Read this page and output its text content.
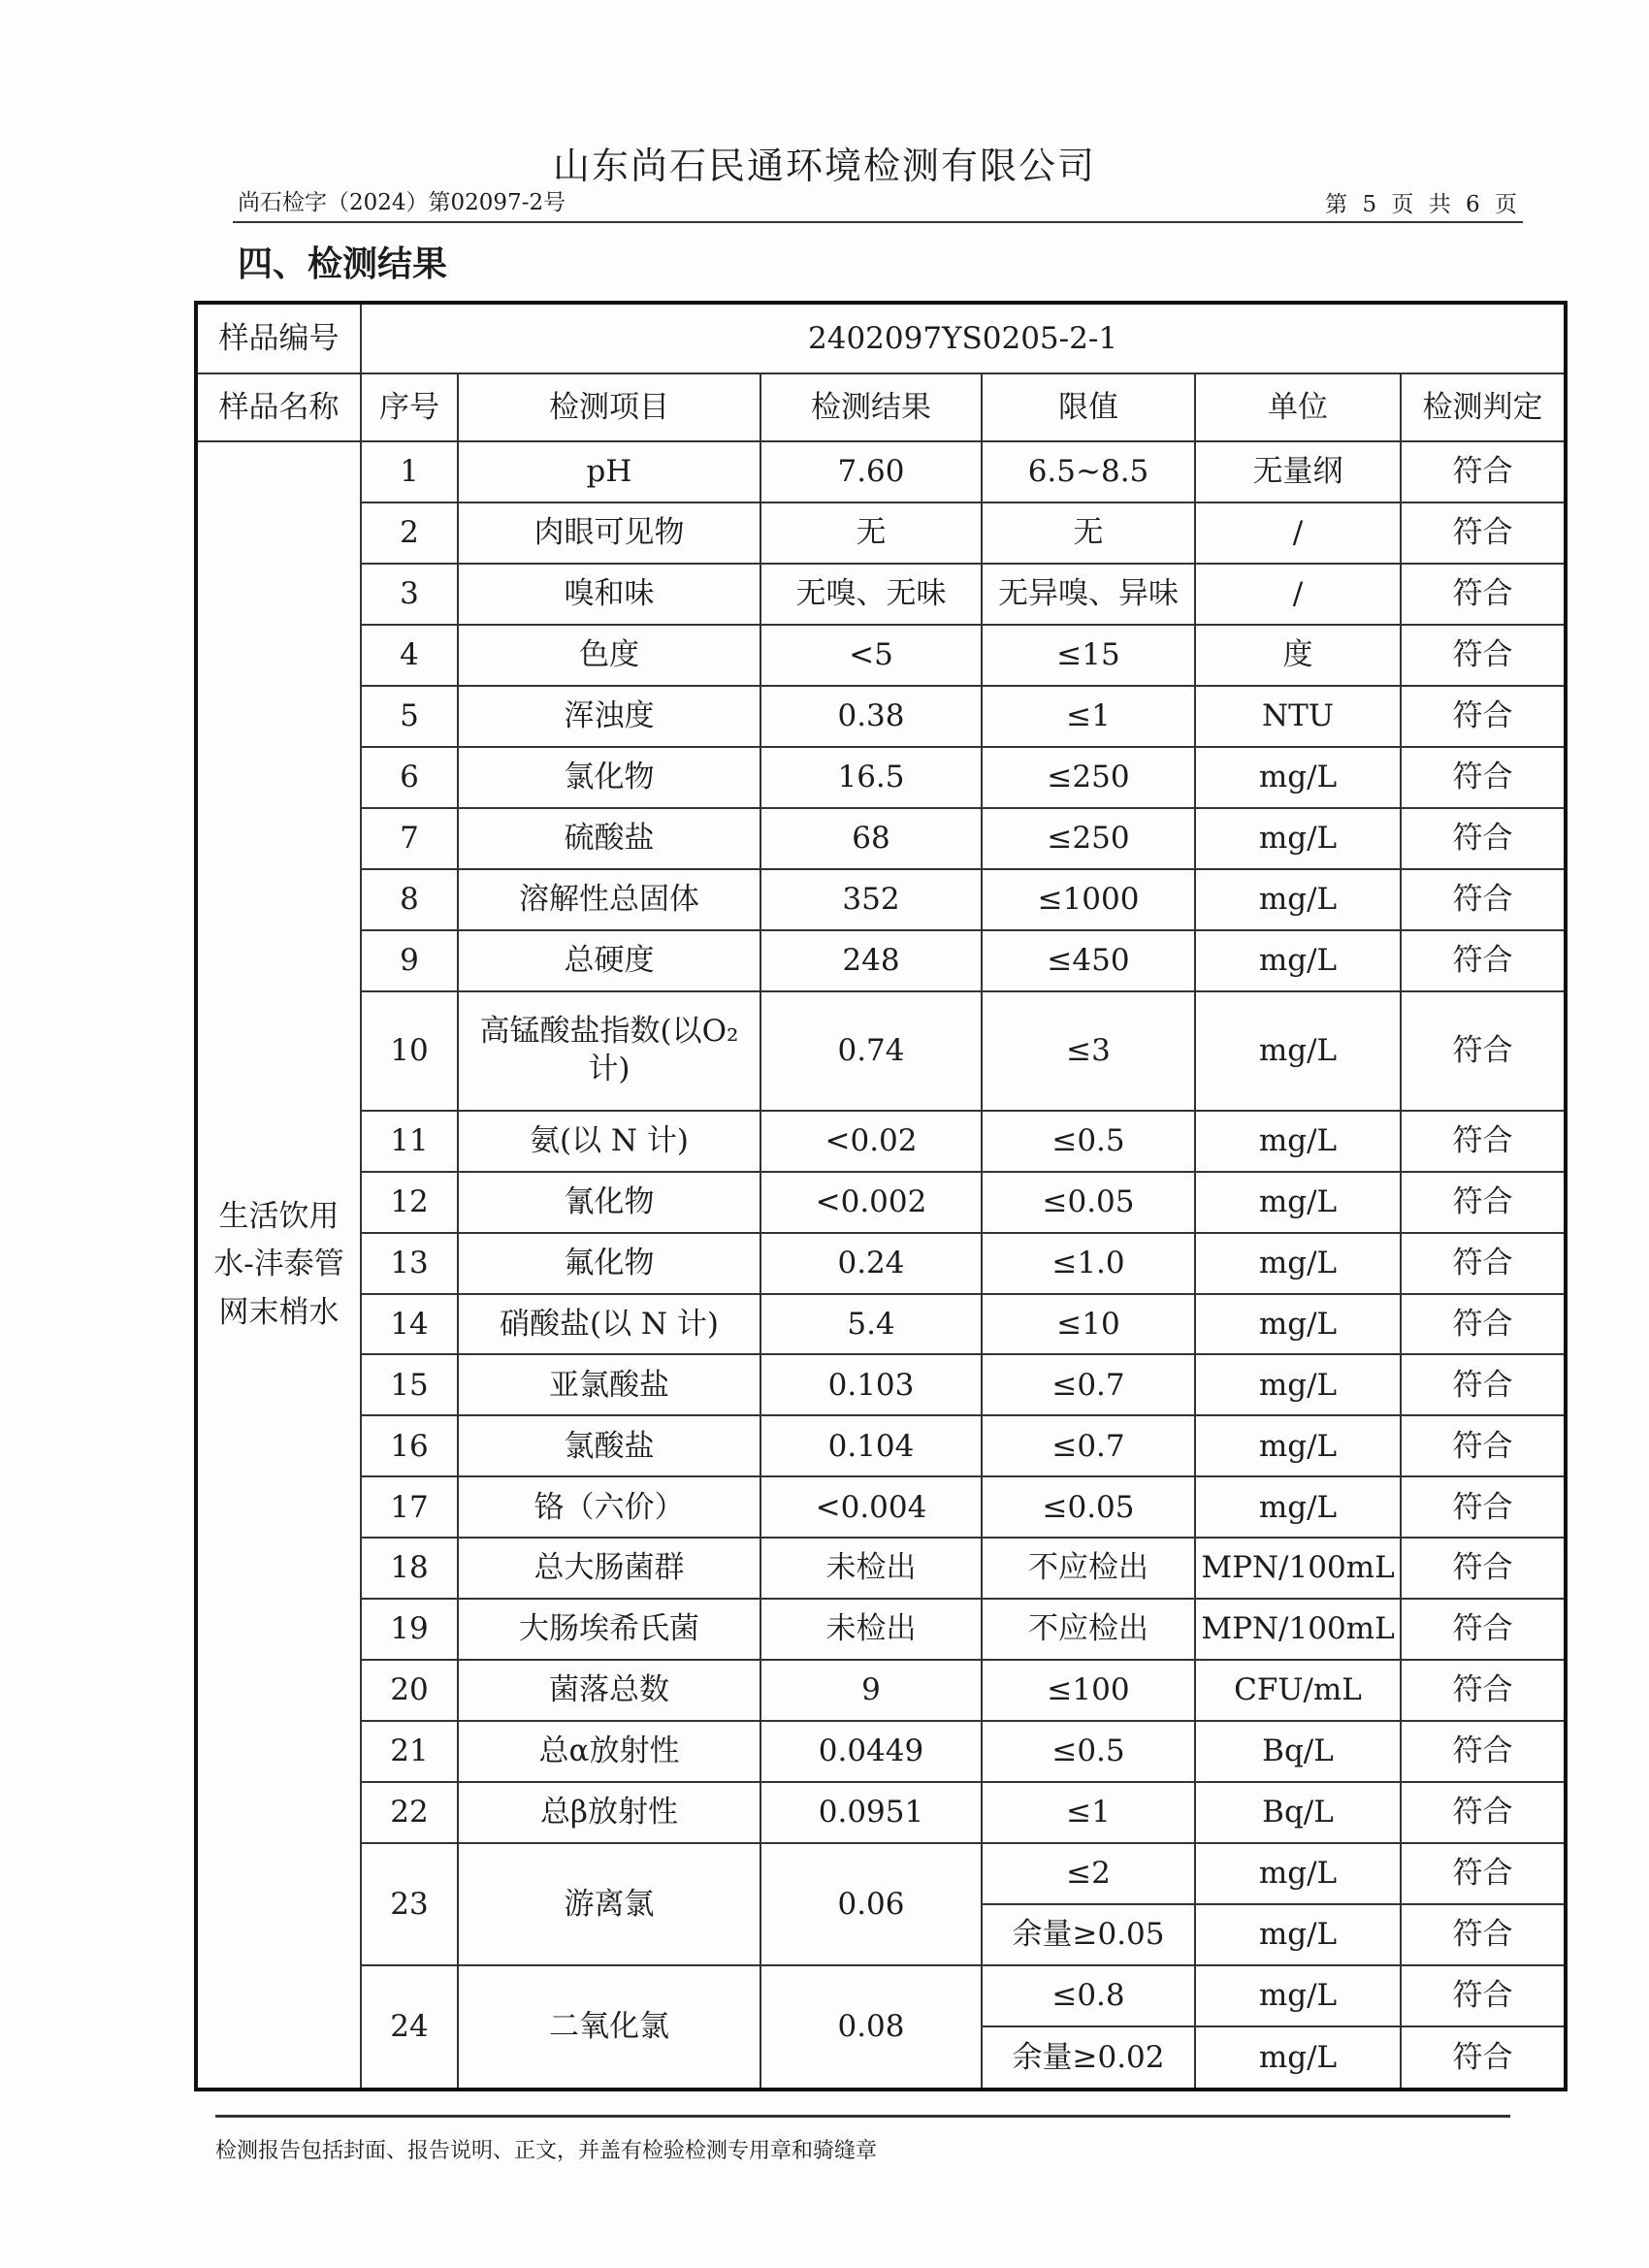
山东尚石民通环境检测有限公司
尚石检字（2024）第02097-2号	第 5 页 共 6 页
四、检测结果
样品编号	2402097YS0205-2-1					
样品名称	序号	检测项目	检测结果	限值	单位	检测判定
生活饮用水-沣泰管网末梢水	1	pH	7.60	6.5~8.5	无量纲	符合
	2	肉眼可见物	无	无	/	符合
	3	嗅和味	无嗅、无味	无异嗅、异味	/	符合
	4	色度	<5	≤15	度	符合
	5	浑浊度	0.38	≤1	NTU	符合
	6	氯化物	16.5	≤250	mg/L	符合
	7	硫酸盐	68	≤250	mg/L	符合
	8	溶解性总固体	352	≤1000	mg/L	符合
	9	总硬度	248	≤450	mg/L	符合
	10	高锰酸盐指数(以O₂计)	0.74	≤3	mg/L	符合
	11	氨(以 N 计)	<0.02	≤0.5	mg/L	符合
	12	氰化物	<0.002	≤0.05	mg/L	符合
	13	氟化物	0.24	≤1.0	mg/L	符合
	14	硝酸盐(以 N 计)	5.4	≤10	mg/L	符合
	15	亚氯酸盐	0.103	≤0.7	mg/L	符合
	16	氯酸盐	0.104	≤0.7	mg/L	符合
	17	铬（六价）	<0.004	≤0.05	mg/L	符合
	18	总大肠菌群	未检出	不应检出	MPN/100mL	符合
	19	大肠埃希氏菌	未检出	不应检出	MPN/100mL	符合
	20	菌落总数	9	≤100	CFU/mL	符合
	21	总α放射性	0.0449	≤0.5	Bq/L	符合
	22	总β放射性	0.0951	≤1	Bq/L	符合
	23	游离氯	0.06	≤2	mg/L	符合
				余量≥0.05	mg/L	符合
	24	二氧化氯	0.08	≤0.8	mg/L	符合
				余量≥0.02	mg/L	符合
检测报告包括封面、报告说明、正文，并盖有检验检测专用章和骑缝章
